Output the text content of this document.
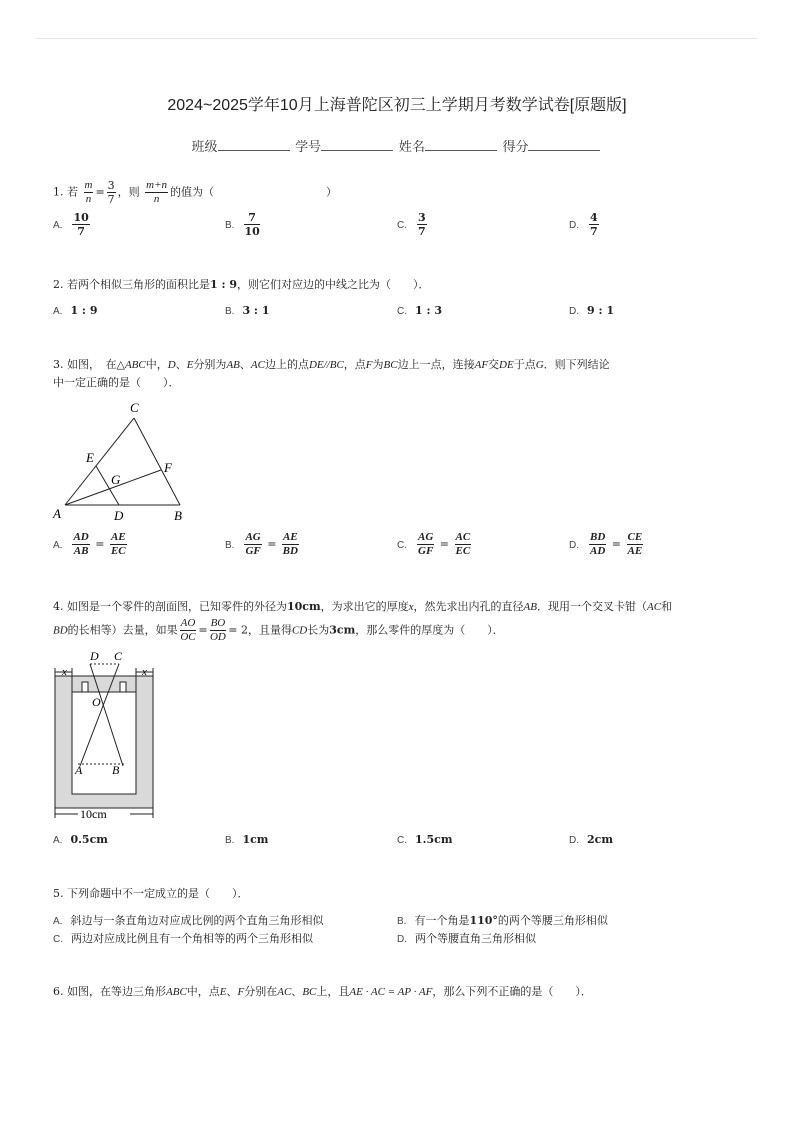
2024~2025学年10月上海普陀区初三上学期月考数学试卷[原题版]
班级	学号	姓名	得分
1. 若 $\frac{m}{n} = \frac{3}{7}$ ，则 $\frac{m+n}{n}$ 的值为（	）
A. $\frac{10}{7}$	B. $\frac{7}{10}$	C. $\frac{3}{7}$	D. $\frac{4}{7}$
2. 若两个相似三角形的面积比是1 : 9，则它们对应边的中线之比为（　　）．
A. 1 : 9	B. 3 : 1	C. 1 : 3	D. 9 : 1
3. 如图，　在△ABC中，D、E分别为AB、AC边上的点DE//BC，点F为BC边上一点，连接AF交DE于点G．则下列结论
中一定正确的是（　　）．
A	B
C
D
E
F
G
A. $\frac{AD}{AB} = \frac{AE}{EC}$	B. $\frac{AG}{GF} = \frac{AE}{BD}$	C. $\frac{AG}{GF} = \frac{AC}{EC}$	D. $\frac{BD}{AD} = \frac{CE}{AE}$
4. 如图是一个零件的剖面图，已知零件的外径为10cm，为求出它的厚度x，然先求出内孔的直径AB．现用一个交叉卡钳（AC和
BD的长相等）去量，如果 $\frac{AO}{OC} = \frac{BO}{OD} = 2$，且量得CD长为3cm，那么零件的厚度为（　　）．
D C
x	x
O
A B
10cm
A. 0.5cm	B. 1cm	C. 1.5cm	D. 2cm
5. 下列命题中不一定成立的是（　　）．
A. 斜边与一条直角边对应成比例的两个直角三角形相似	B. 有一个角是110°的两个等腰三角形相似
C. 两边对应成比例且有一个角相等的两个三角形相似	D. 两个等腰直角三角形相似
6. 如图，在等边三角形ABC中，点E、F分别在AC、BC上，且AE · AC = AP · AF，那么下列不正确的是（　　）．
